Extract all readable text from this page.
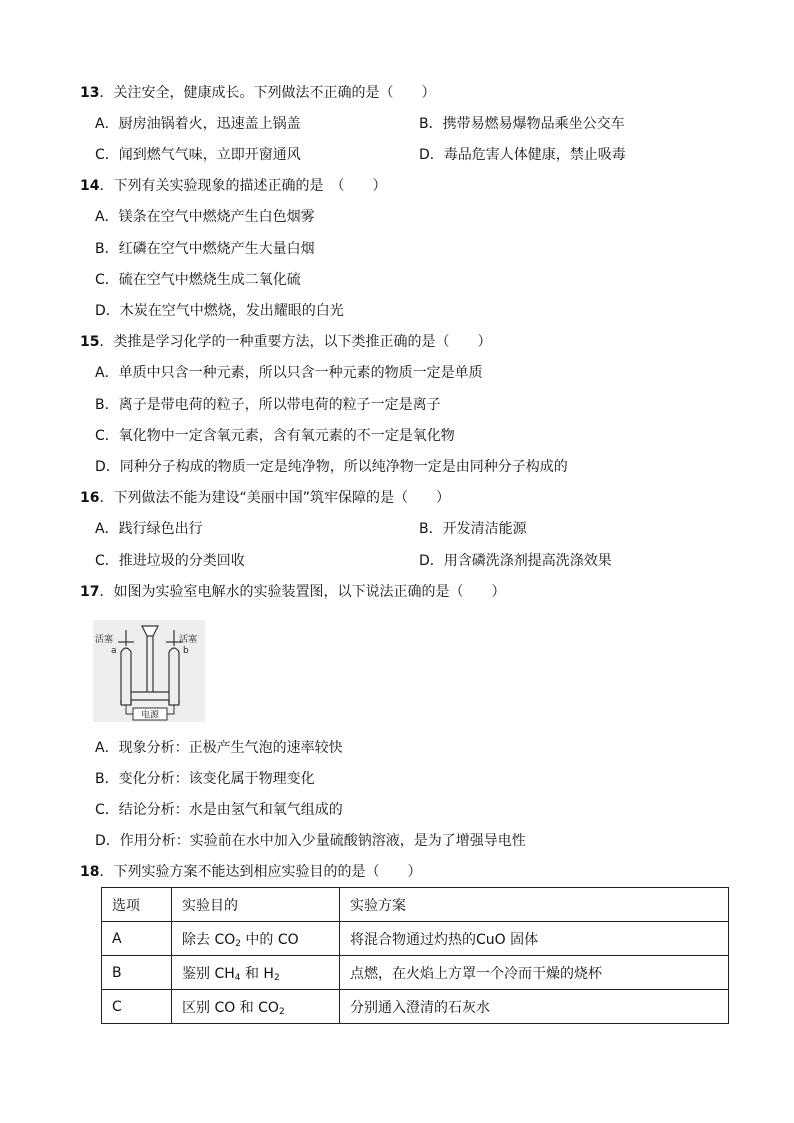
13．关注安全，健康成长。下列做法不正确的是（　　）
A．厨房油锅着火，迅速盖上锅盖	B．携带易燃易爆物品乘坐公交车
C．闻到燃气气味，立即开窗通风	D．毒品危害人体健康，禁止吸毒
14．下列有关实验现象的描述正确的是　（　　）
A．镁条在空气中燃烧产生白色烟雾
B．红磷在空气中燃烧产生大量白烟
C．硫在空气中燃烧生成二氧化硫
D．木炭在空气中燃烧，发出耀眼的白光
15．类推是学习化学的一种重要方法，以下类推正确的是（　　）
A．单质中只含一种元素，所以只含一种元素的物质一定是单质
B．离子是带电荷的粒子，所以带电荷的粒子一定是离子
C．氧化物中一定含氧元素，含有氧元素的不一定是氧化物
D．同种分子构成的物质一定是纯净物，所以纯净物一定是由同种分子构成的
16．下列做法不能为建设“美丽中国”筑牢保障的是（　　）
A．践行绿色出行	B．开发清洁能源
C．推进垃圾的分类回收	D．用含磷洗涤剂提高洗涤效果
17．如图为实验室电解水的实验装置图，以下说法正确的是（　　）
电源
活塞
a
活塞
b
A．现象分析：正极产生气泡的速率较快
B．变化分析：该变化属于物理变化
C．结论分析：水是由氢气和氧气组成的
D．作用分析：实验前在水中加入少量硫酸钠溶液，是为了增强导电性
18．下列实验方案不能达到相应实验目的的是（　　）
选项	实验目的	实验方案
A	除去 $CO_2$ 中的 CO	将混合物通过灼热的CuO 固体
B	鉴别 $CH_4$ 和 $H_2$	点燃，在火焰上方罩一个冷而干燥的烧杯
C	区别 CO 和 $CO_2$	分别通入澄清的石灰水
